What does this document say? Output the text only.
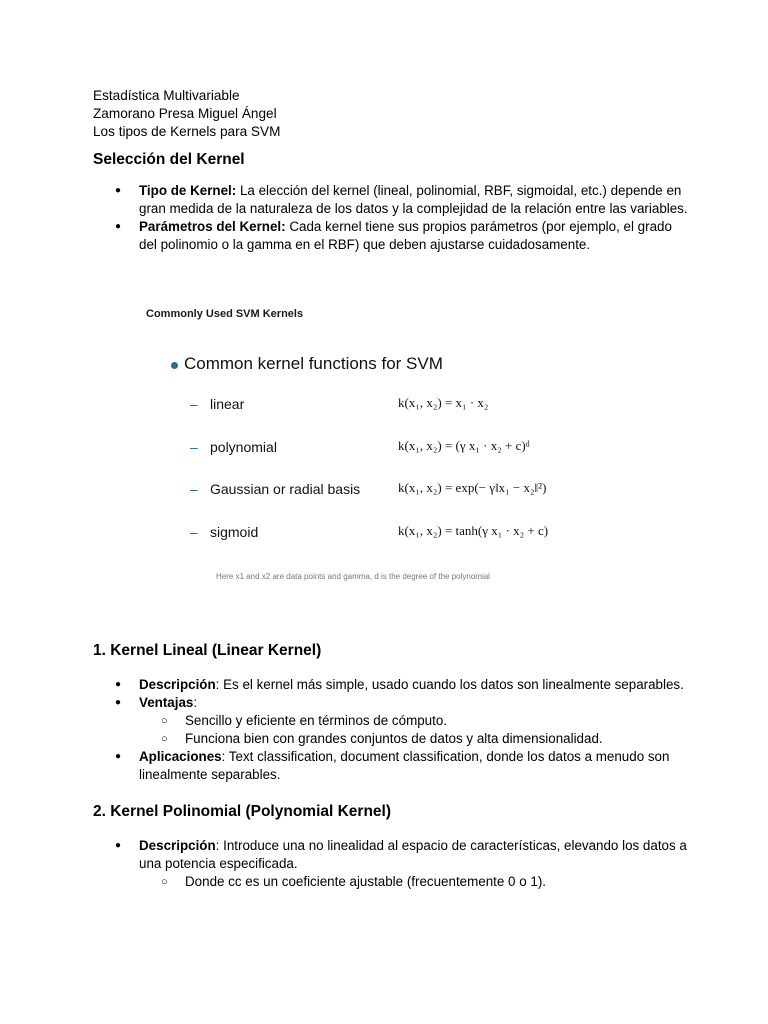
Estadística Multivariable

Zamorano Presa Miguel Ángel

Los tipos de Kernels para SVM

Selección del Kernel
● Tipo de Kernel: La elección del kernel (lineal, polinomial, RBF, sigmoidal, etc.) depende en gran medida de la naturaleza de los datos y la complejidad de la relación entre las variables.
● Parámetros del Kernel: Cada kernel tiene sus propios parámetros (por ejemplo, el grado del polinomio o la gamma en el RBF) que deben ajustarse cuidadosamente.
Commonly Used SVM Kernels
Common kernel functions for SVM
– linear	k(x₁, x₂) = x₁ · x₂
– polynomial	k(x₁, x₂) = (γ x₁ · x₂ + c)ᵈ
– Gaussian or radial basis	k(x₁, x₂) = exp(− γ‖x₁ − x₂‖²)
– sigmoid	k(x₁, x₂) = tanh(γ x₁ · x₂ + c)
Here x1 and x2 are data points and gamma, d is the degree of the polynomial
1. Kernel Lineal (Linear Kernel)
● Descripción: Es el kernel más simple, usado cuando los datos son linealmente separables.
● Ventajas:
○ Sencillo y eficiente en términos de cómputo.
○ Funciona bien con grandes conjuntos de datos y alta dimensionalidad.
● Aplicaciones: Text classification, document classification, donde los datos a menudo son linealmente separables.
2. Kernel Polinomial (Polynomial Kernel)
● Descripción: Introduce una no linealidad al espacio de características, elevando los datos a una potencia especificada.
○ Donde cc es un coeficiente ajustable (frecuentemente 0 o 1).
